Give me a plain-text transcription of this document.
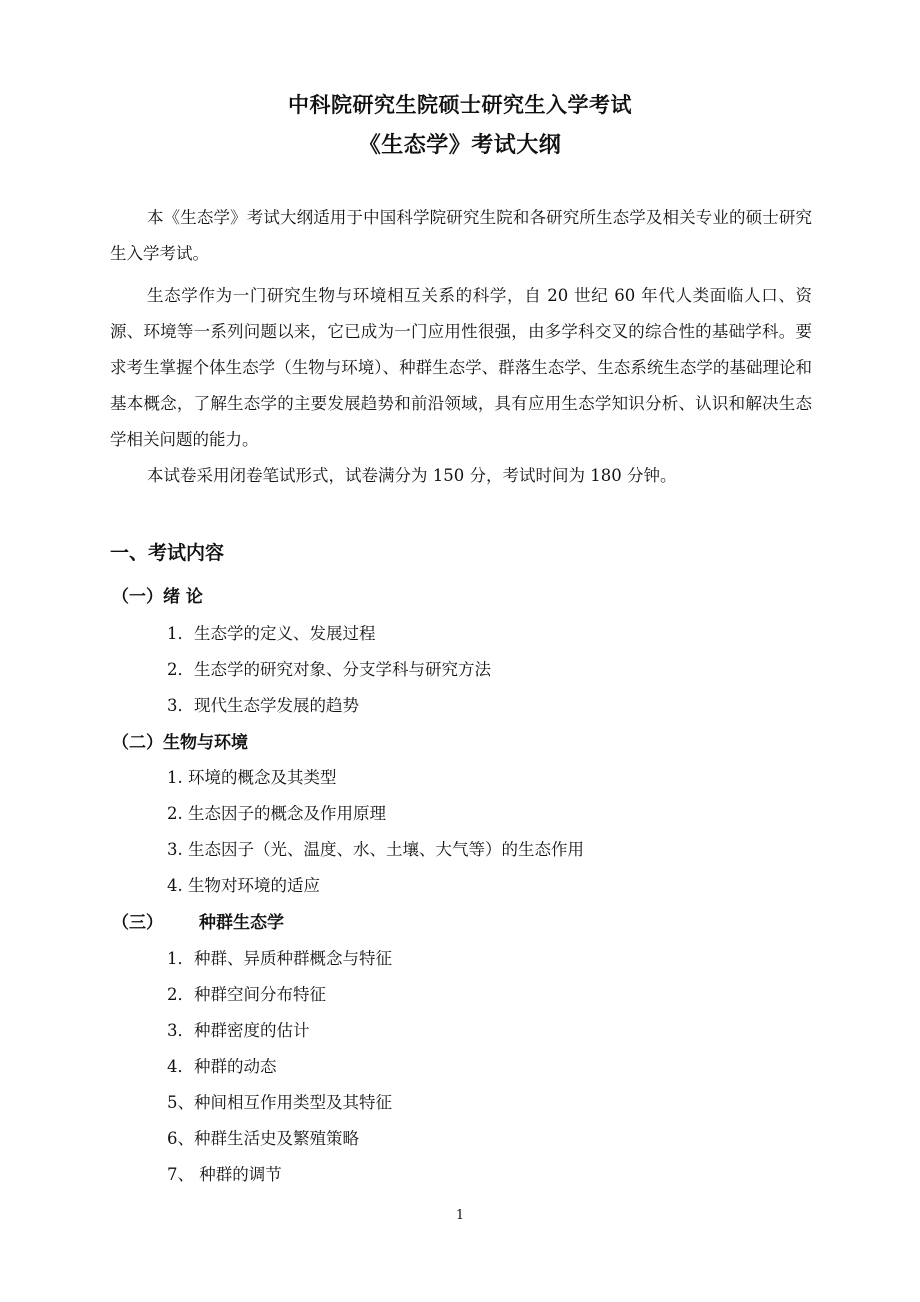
中科院研究生院硕士研究生入学考试
《生态学》考试大纲

本《生态学》考试大纲适用于中国科学院研究生院和各研究所生态学及相关专业的硕士研究生入学考试。

生态学作为一门研究生物与环境相互关系的科学，自 20 世纪 60 年代人类面临人口、资源、环境等一系列问题以来，它已成为一门应用性很强，由多学科交叉的综合性的基础学科。要求考生掌握个体生态学（生物与环境）、种群生态学、群落生态学、生态系统生态学的基础理论和基本概念，了解生态学的主要发展趋势和前沿领域，具有应用生态学知识分析、认识和解决生态学相关问题的能力。

本试卷采用闭卷笔试形式，试卷满分为 150 分，考试时间为 180 分钟。

一、考试内容
（一）绪 论
1．生态学的定义、发展过程
2．生态学的研究对象、分支学科与研究方法
3．现代生态学发展的趋势
（二）生物与环境
1. 环境的概念及其类型
2. 生态因子的概念及作用原理
3. 生态因子（光、温度、水、土壤、大气等）的生态作用
4. 生物对环境的适应
（三） 种群生态学
1．种群、异质种群概念与特征
2．种群空间分布特征
3．种群密度的估计
4．种群的动态
5、种间相互作用类型及其特征
6、种群生活史及繁殖策略
7、 种群的调节
1
